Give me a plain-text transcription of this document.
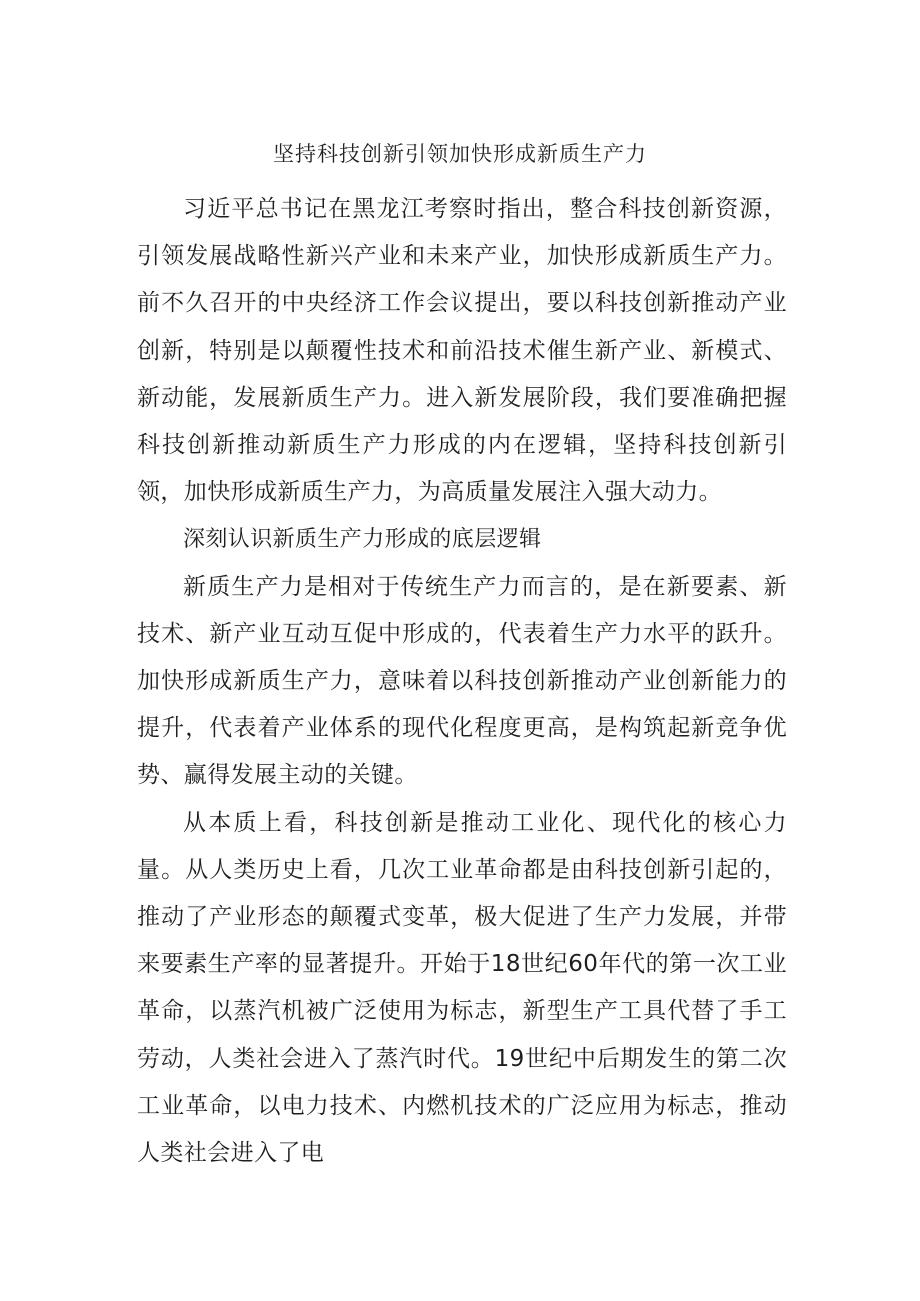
坚持科技创新引领加快形成新质生产力

习近平总书记在黑龙江考察时指出，整合科技创新资源，引领发展战略性新兴产业和未来产业，加快形成新质生产力。前不久召开的中央经济工作会议提出，要以科技创新推动产业创新，特别是以颠覆性技术和前沿技术催生新产业、新模式、新动能，发展新质生产力。进入新发展阶段，我们要准确把握科技创新推动新质生产力形成的内在逻辑，坚持科技创新引领，加快形成新质生产力，为高质量发展注入强大动力。

深刻认识新质生产力形成的底层逻辑

新质生产力是相对于传统生产力而言的，是在新要素、新技术、新产业互动互促中形成的，代表着生产力水平的跃升。加快形成新质生产力，意味着以科技创新推动产业创新能力的提升，代表着产业体系的现代化程度更高，是构筑起新竞争优势、赢得发展主动的关键。

从本质上看，科技创新是推动工业化、现代化的核心力量。从人类历史上看，几次工业革命都是由科技创新引起的，推动了产业形态的颠覆式变革，极大促进了生产力发展，并带来要素生产率的显著提升。开始于18世纪60年代的第一次工业革命，以蒸汽机被广泛使用为标志，新型生产工具代替了手工劳动，人类社会进入了蒸汽时代。19世纪中后期发生的第二次工业革命，以电力技术、内燃机技术的广泛应用为标志，推动人类社会进入了电
